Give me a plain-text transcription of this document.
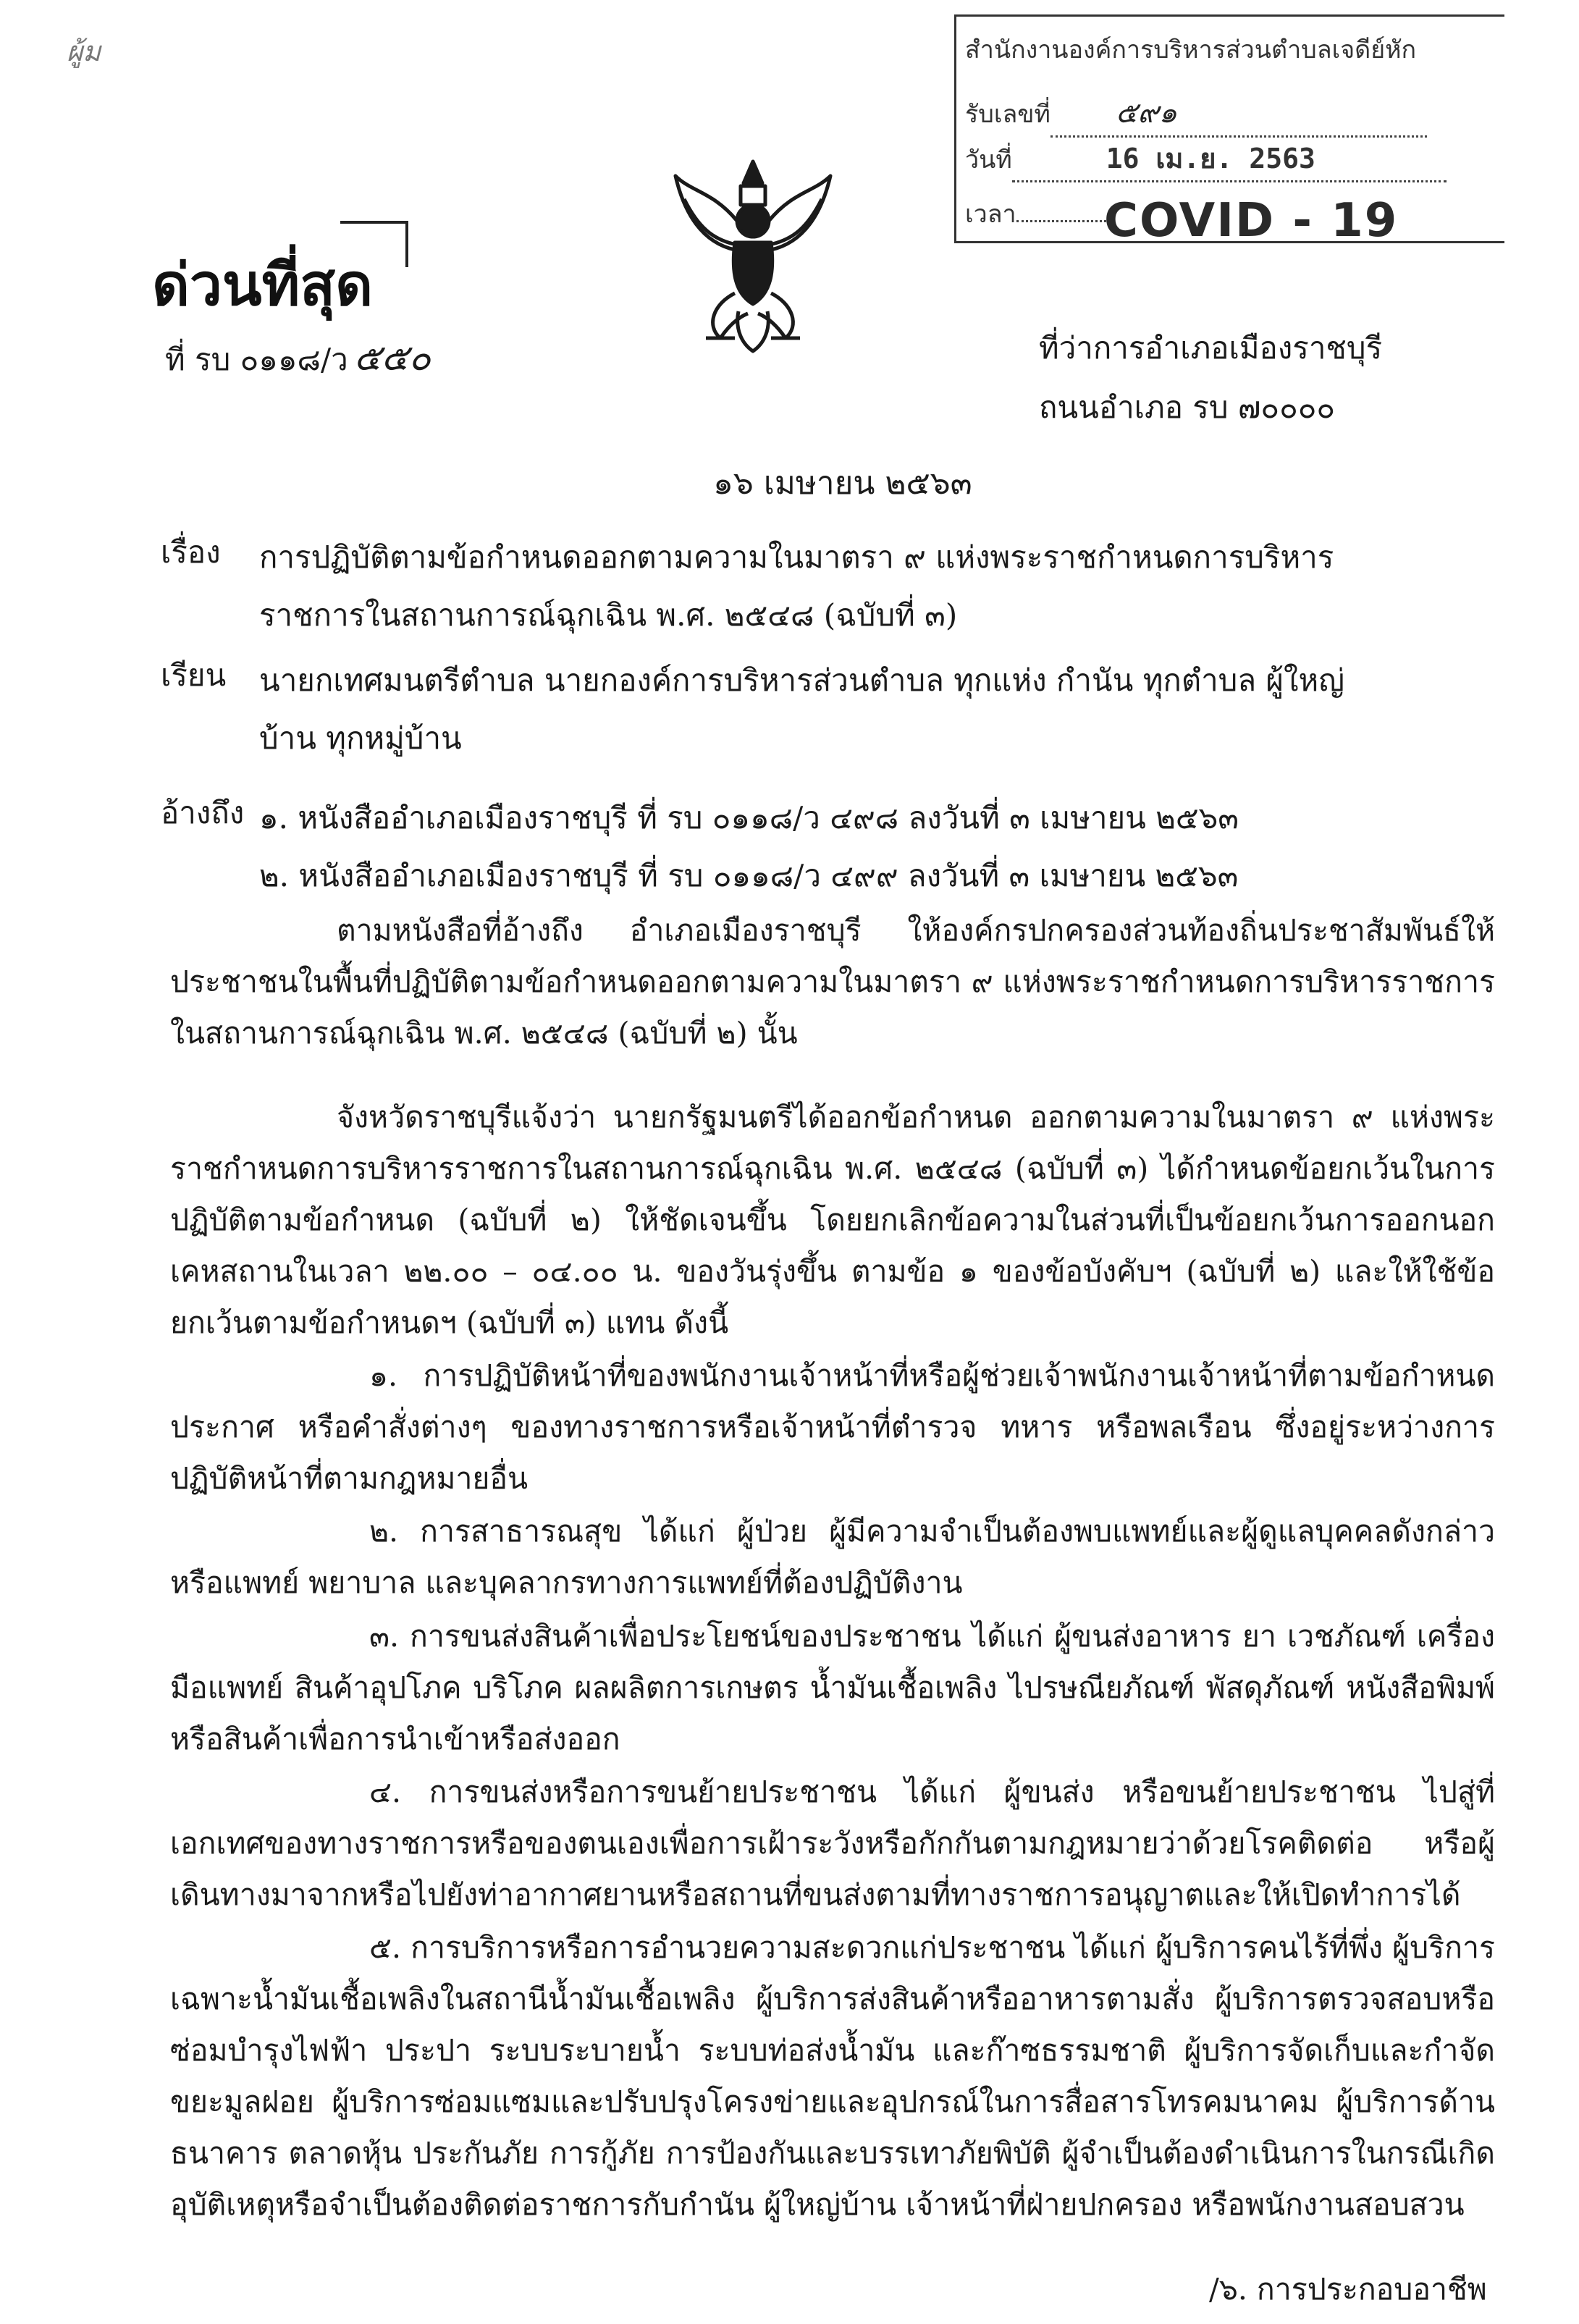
ผู้ม	สำนักงานองค์การบริหารส่วนตำบลเจดีย์หัก
รับเลขที่ ๕๙๑
วันที่	16 เม.ย. 2563
เวลา	COVID - 19
ด่วนที่สุด
ที่ รบ ๐๑๑๘/ว ๕๕๐	ที่ว่าการอำเภอเมืองราชบุรี
ถนนอำเภอ รบ ๗๐๐๐๐
๑๖ เมษายน ๒๕๖๓
เรื่อง การปฏิบัติตามข้อกำหนดออกตามความในมาตรา ๙ แห่งพระราชกำหนดการบริหารราชการในสถานการณ์ฉุกเฉิน พ.ศ. ๒๕๔๘ (ฉบับที่ ๓)
เรียน นายกเทศมนตรีตำบล นายกองค์การบริหารส่วนตำบล ทุกแห่ง กำนัน ทุกตำบล ผู้ใหญ่บ้าน ทุกหมู่บ้าน
อ้างถึง ๑. หนังสืออำเภอเมืองราชบุรี ที่ รบ ๐๑๑๘/ว ๔๙๘ ลงวันที่ ๓ เมษายน ๒๕๖๓
๒. หนังสืออำเภอเมืองราชบุรี ที่ รบ ๐๑๑๘/ว ๔๙๙ ลงวันที่ ๓ เมษายน ๒๕๖๓
ตามหนังสือที่อ้างถึง อำเภอเมืองราชบุรี ให้องค์กรปกครองส่วนท้องถิ่นประชาสัมพันธ์ให้ประชาชนในพื้นที่ปฏิบัติตามข้อกำหนดออกตามความในมาตรา ๙ แห่งพระราชกำหนดการบริหารราชการในสถานการณ์ฉุกเฉิน พ.ศ. ๒๕๔๘ (ฉบับที่ ๒) นั้น
จังหวัดราชบุรีแจ้งว่า นายกรัฐมนตรีได้ออกข้อกำหนด ออกตามความในมาตรา ๙ แห่งพระราชกำหนดการบริหารราชการในสถานการณ์ฉุกเฉิน พ.ศ. ๒๕๔๘ (ฉบับที่ ๓) ได้กำหนดข้อยกเว้นในการปฏิบัติตามข้อกำหนด (ฉบับที่ ๒) ให้ชัดเจนขึ้น โดยยกเลิกข้อความในส่วนที่เป็นข้อยกเว้นการออกนอกเคหสถานในเวลา ๒๒.๐๐ – ๐๔.๐๐ น. ของวันรุ่งขึ้น ตามข้อ ๑ ของข้อบังคับฯ (ฉบับที่ ๒) และให้ใช้ข้อยกเว้นตามข้อกำหนดฯ (ฉบับที่ ๓) แทน ดังนี้
๑. การปฏิบัติหน้าที่ของพนักงานเจ้าหน้าที่หรือผู้ช่วยเจ้าพนักงานเจ้าหน้าที่ตามข้อกำหนด ประกาศ หรือคำสั่งต่างๆ ของทางราชการหรือเจ้าหน้าที่ตำรวจ ทหาร หรือพลเรือน ซึ่งอยู่ระหว่างการปฏิบัติหน้าที่ตามกฎหมายอื่น
๒. การสาธารณสุข ได้แก่ ผู้ป่วย ผู้มีความจำเป็นต้องพบแพทย์และผู้ดูแลบุคคลดังกล่าว หรือแพทย์ พยาบาล และบุคลากรทางการแพทย์ที่ต้องปฏิบัติงาน
๓. การขนส่งสินค้าเพื่อประโยชน์ของประชาชน ได้แก่ ผู้ขนส่งอาหาร ยา เวชภัณฑ์ เครื่องมือแพทย์ สินค้าอุปโภค บริโภค ผลผลิตการเกษตร น้ำมันเชื้อเพลิง ไปรษณียภัณฑ์ พัสดุภัณฑ์ หนังสือพิมพ์ หรือสินค้าเพื่อการนำเข้าหรือส่งออก
๔. การขนส่งหรือการขนย้ายประชาชน ได้แก่ ผู้ขนส่ง หรือขนย้ายประชาชน ไปสู่ที่เอกเทศของทางราชการหรือของตนเองเพื่อการเฝ้าระวังหรือกักกันตามกฎหมายว่าด้วยโรคติดต่อ หรือผู้เดินทางมาจากหรือไปยังท่าอากาศยานหรือสถานที่ขนส่งตามที่ทางราชการอนุญาตและให้เปิดทำการได้
๕. การบริการหรือการอำนวยความสะดวกแก่ประชาชน ได้แก่ ผู้บริการคนไร้ที่พึ่ง ผู้บริการเฉพาะน้ำมันเชื้อเพลิงในสถานีน้ำมันเชื้อเพลิง ผู้บริการส่งสินค้าหรืออาหารตามสั่ง ผู้บริการตรวจสอบหรือซ่อมบำรุงไฟฟ้า ประปา ระบบระบายน้ำ ระบบท่อส่งน้ำมัน และก๊าซธรรมชาติ ผู้บริการจัดเก็บและกำจัดขยะมูลฝอย ผู้บริการซ่อมแซมและปรับปรุงโครงข่ายและอุปกรณ์ในการสื่อสารโทรคมนาคม ผู้บริการด้านธนาคาร ตลาดหุ้น ประกันภัย การกู้ภัย การป้องกันและบรรเทาภัยพิบัติ ผู้จำเป็นต้องดำเนินการในกรณีเกิดอุบัติเหตุหรือจำเป็นต้องติดต่อราชการกับกำนัน ผู้ใหญ่บ้าน เจ้าหน้าที่ฝ่ายปกครอง หรือพนักงานสอบสวน
/๖. การประกอบอาชีพ
